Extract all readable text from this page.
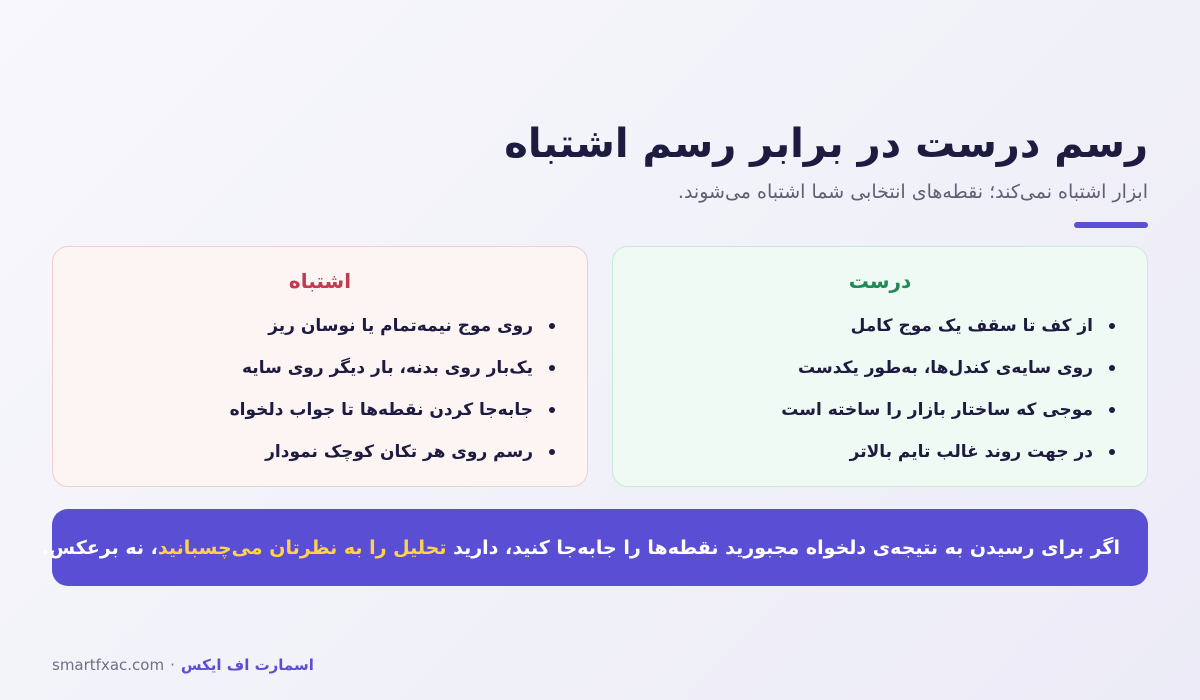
رسم درست در برابر رسم اشتباه
ابزار اشتباه نمی‌کند؛ نقطه‌های انتخابی شما اشتباه می‌شوند.
درست
از کف تا سقف یک موج کامل
روی سایه‌ی کندل‌ها، به‌طور یکدست
موجی که ساختار بازار را ساخته است
در جهت روند غالب تایم بالاتر
اشتباه
روی موج نیمه‌تمام یا نوسان ریز
یک‌بار روی بدنه، بار دیگر روی سایه
جابه‌جا کردن نقطه‌ها تا جواب دلخواه
رسم روی هر تکان کوچک نمودار
اگر برای رسیدن به نتیجه‌ی دلخواه مجبورید نقطه‌ها را جابه‌جا کنید، دارید تحلیل را به نظرتان می‌چسبانید، نه برعکس.
smartfxac.com · اسمارت اف ایکس
